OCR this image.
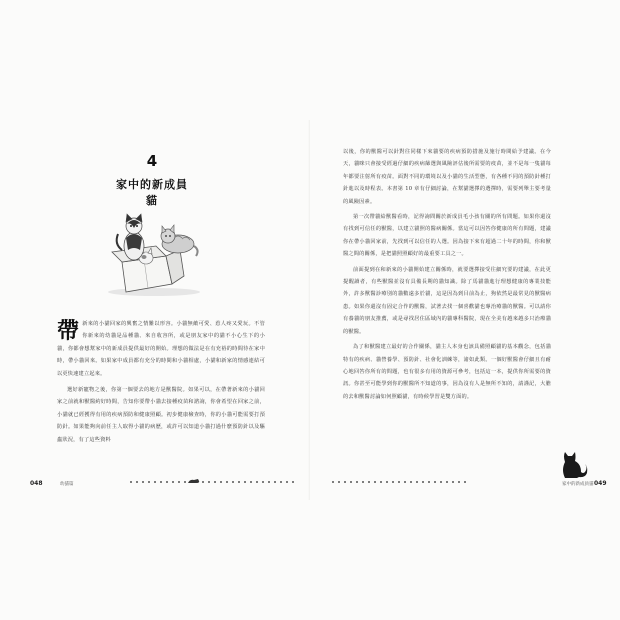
4
家中的新成員貓

帶新來的小貓回家的興奮之情難以形容。小貓無敵可愛、惹人疼又愛玩。不管你新來的幼貓是品種貓、來自收容所，或是朋友家中的貓不小心生下的小貓，你都會想幫家中的新成員提供最好的開始。理想的做法是在有充裕的時間待在家中時，帶小貓回來。如果家中成員都有充分的時間和小貓相處，小貓和新家的情感連結可以更快速建立起來。

選好新寵物之後，你第一個要去的地方是獸醫院。如果可以，在帶著新來的小貓回家之前就和獸醫約好時間，告知你要帶小貓去接種疫苗和諮詢，你會希望在回家之前，小貓就已經獲得有用的疾病預防和健康照顧。初步健康檢查時，你的小貓可能需要打預防針。如果能夠向前任主人取得小貓的病歷，或許可以知道小貓打過什麼預防針以及驅蟲狀況，有了這些資料

048	幼貓篇

以後，你的獸醫可以針對往同樣下來貓要的疾病預防措施及施行時間給予建議。在今天，貓咪只會接受經過仔細的疾病篩選與風險評估後所需要的疫苗，並不是每一隻貓每年都要注射所有疫苗。面對不同的環境以及小貓的生活型態，有各種不同的預防針種打針進以及時程表。本書第 10 章有仔細討論，在幫貓選擇的選擇時，需要列舉主要考量的風險因素。

第一次帶貓給獸醫看時，記得詢問關於新成員毛小孩有關的所有問題。如果你還沒有找到可信任的獸醫，以建立貓照的醫病關係。當這可以因答你健康的所有問題，建議你在帶小貓回家前，先找到可以信任的人選。因為接下來有超過二十年的時間，你和獸醫之間的關係，是把貓照照顧好的最重要工具之一。

前面提到在和新來的小貓開始建立關係時，就要選擇接受往細究要的建議，在此更提醒讀者，有些獸醫並沒有具備長期的貓知識。除了馬貓貓進行理想健康的專業技能外，許多獸醫診療別的貓數遠多於貓，這是因為到目前為止，狗依然是最常見的獸醫病患。如果你還沒有固定合作的獸醫，試著去找一個喜歡貓也專治療貓的獸醫。可以請你有養貓的朋友推薦，或是尋找居住區域內的貓專科醫院，現在全美有越來越多只治療貓的獸醫。

為了和獸醫建立最好的合作關係，貓主人本身也該具備照顧貓的基本觀念，包括貓特有的疾病、貓營養學、預防針、社會化訓練等，諸如此類。一個好獸醫會仔細且有耐心地回答你所有的問題，也有很多有用的資源可參考，包括這一本，提供你所需要的資訊。你甚至可能學到你的獸醫所不知道的事，因為沒有人是無所不知的，請謹記，大膽的去和獸醫討論如何照顧貓，有時候學習是雙方面的。

家中的新成員貓 049
